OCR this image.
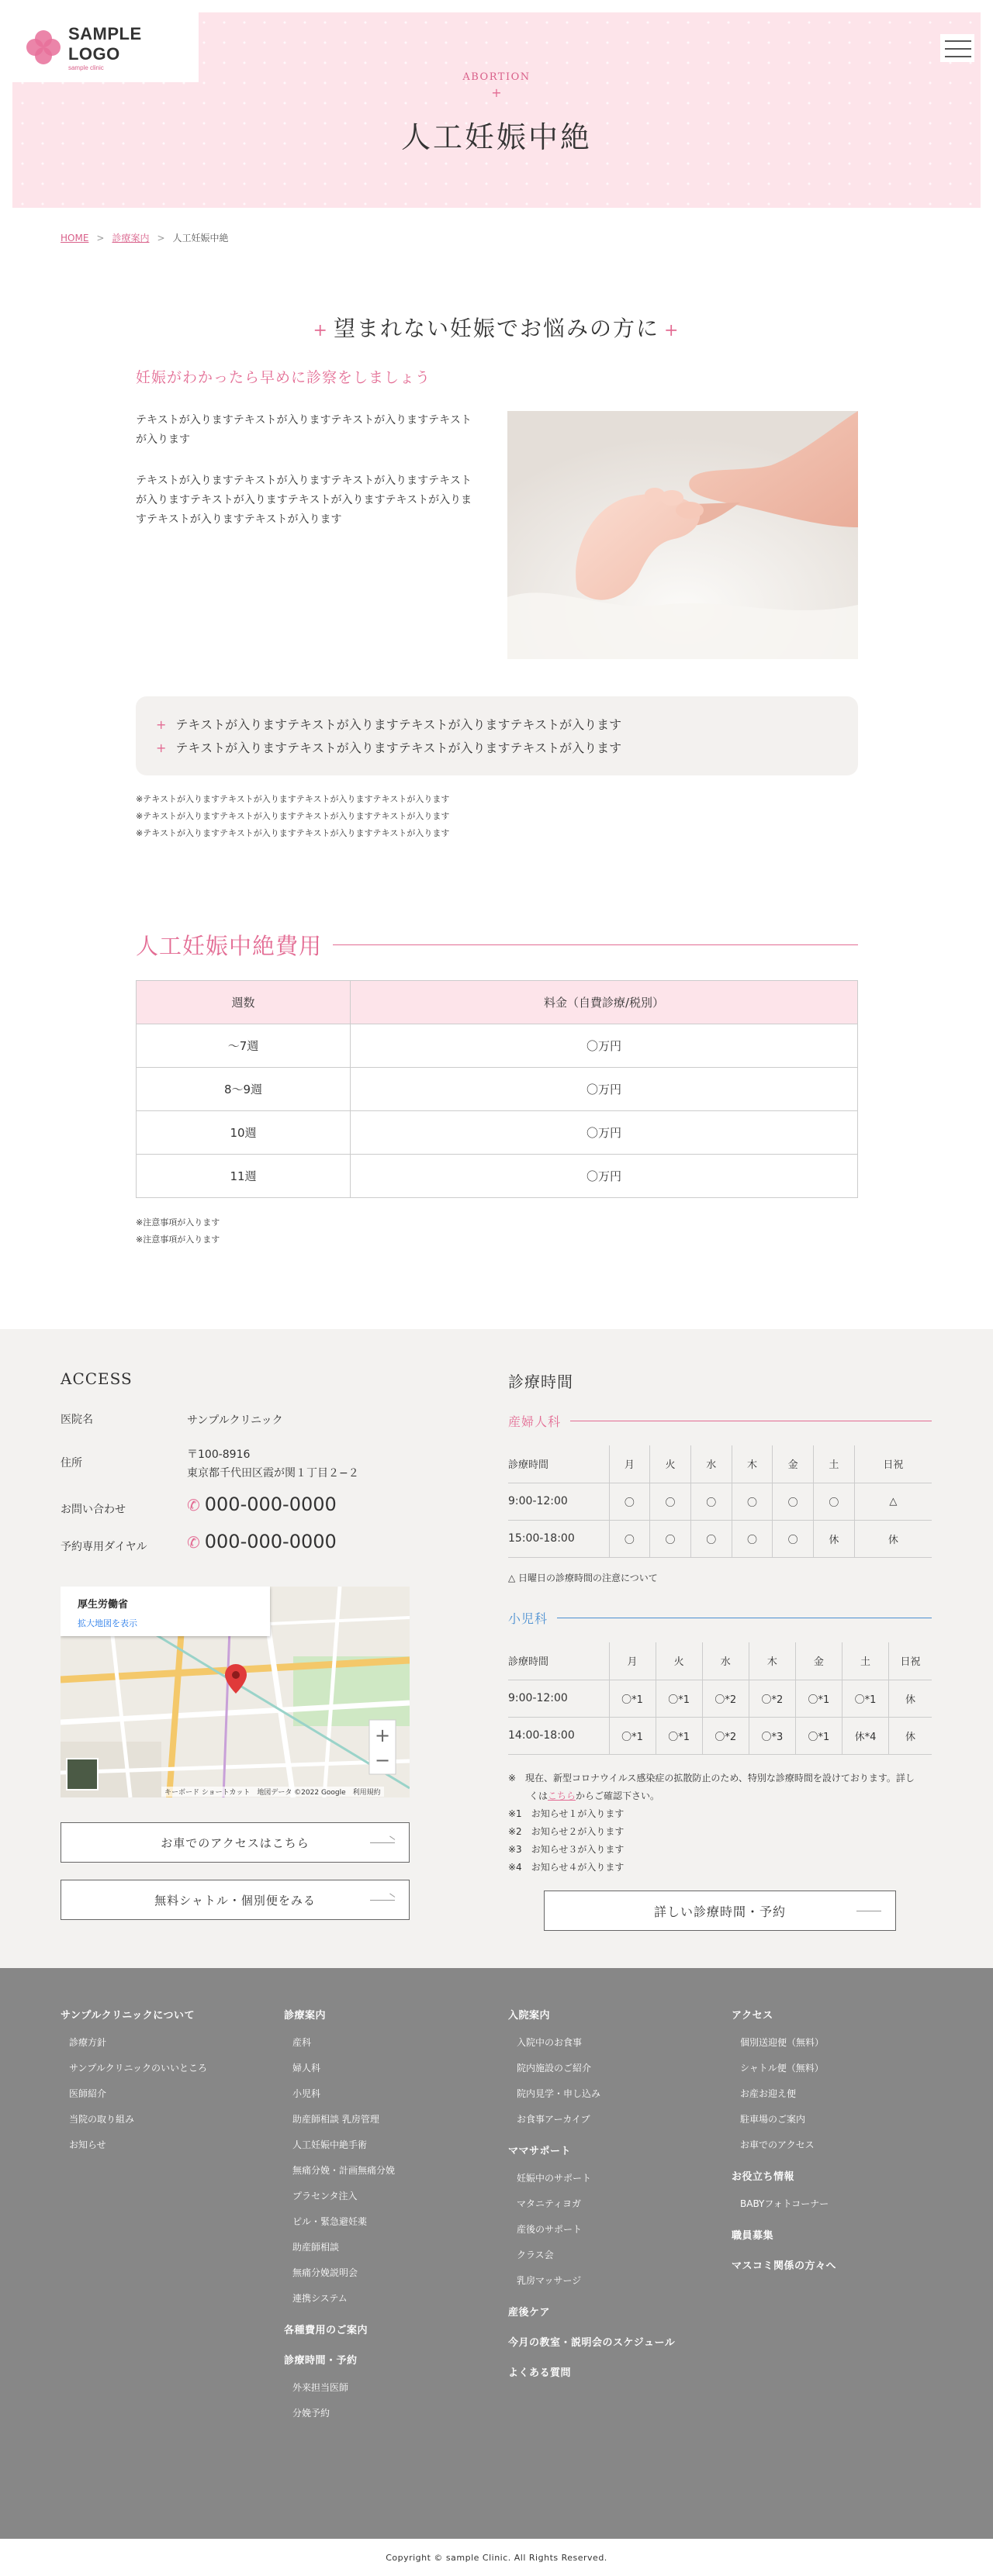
SAMPLE LOGO
sample clinic
ABORTION
+
人工妊娠中絶
HOME > 診療案内 > 人工妊娠中絶
+ 望まれない妊娠でお悩みの方に +
妊娠がわかったら早めに診察をしましょう
テキストが入りますテキストが入りますテキストが入りますテキストが入ります
テキストが入りますテキストが入りますテキストが入りますテキストが入りますテキストが入りますテキストが入りますテキストが入りますテキストが入りますテキストが入ります
+ テキストが入りますテキストが入りますテキストが入りますテキストが入ります
+ テキストが入りますテキストが入りますテキストが入りますテキストが入ります
※テキストが入りますテキストが入りますテキストが入りますテキストが入ります
※テキストが入りますテキストが入りますテキストが入りますテキストが入ります
※テキストが入りますテキストが入りますテキストが入りますテキストが入ります
人工妊娠中絶費用
週数	料金（自費診療/税別）
〜7週	〇万円
8〜9週	〇万円
10週	〇万円
11週	〇万円
※注意事項が入ります
※注意事項が入ります
ACCESS
医院名	サンプルクリニック
住所
〒100-8916
東京都千代田区霞が関１丁目２−２
お問い合わせ	✆ 000-000-0000
予約専用ダイヤル	✆ 000-000-0000
+
−
厚生労働省
拡大地図を表示
キーボード ショートカット　地図データ ©2022 Google　利用規約
お車でのアクセスはこちら
無料シャトル・個別便をみる
診療時間
産婦人科
診療時間	月	火	水	木	金	土	日祝
9:00-12:00	〇	〇	〇	〇	〇	〇	△
15:00-18:00	〇	〇	〇	〇	〇	休	休
△ 日曜日の診療時間の注意について
小児科
診療時間	月	火	水	木	金	土	日祝
9:00-12:00	〇*1	〇*1	〇*2	〇*2	〇*1	〇*1	休
14:00-18:00	〇*1	〇*1	〇*2	〇*3	〇*1	休*4	休
※　現在、新型コロナウイルス感染症の拡散防止のため、特別な診療時間を設けております。詳し
くはこちらからご確認下さい。
※1　お知らせ１が入ります
※2　お知らせ２が入ります
※3　お知らせ３が入ります
※4　お知らせ４が入ります
詳しい診療時間・予約
サンプルクリニックについて
診療方針
サンプルクリニックのいいところ
医師紹介
当院の取り組み
お知らせ
診療案内
産科
婦人科
小児科
助産師相談 乳房管理
人工妊娠中絶手術
無痛分娩・計画無痛分娩
プラセンタ注入
ピル・緊急避妊薬
助産師相談
無痛分娩説明会
連携システム
各種費用のご案内
診療時間・予約
外来担当医師
分娩予約
入院案内
入院中のお食事
院内施設のご紹介
院内見学・申し込み
お食事アーカイブ
ママサポート
妊娠中のサポート
マタニティヨガ
産後のサポート
クラス会
乳房マッサージ
産後ケア
今月の教室・説明会のスケジュール
よくある質問
アクセス
個別送迎便（無料）
シャトル便（無料）
お産お迎え便
駐車場のご案内
お車でのアクセス
お役立ち情報
BABYフォトコーナー
職員募集
マスコミ関係の方々へ
Copyright © sample Clinic. All Rights Reserved.
